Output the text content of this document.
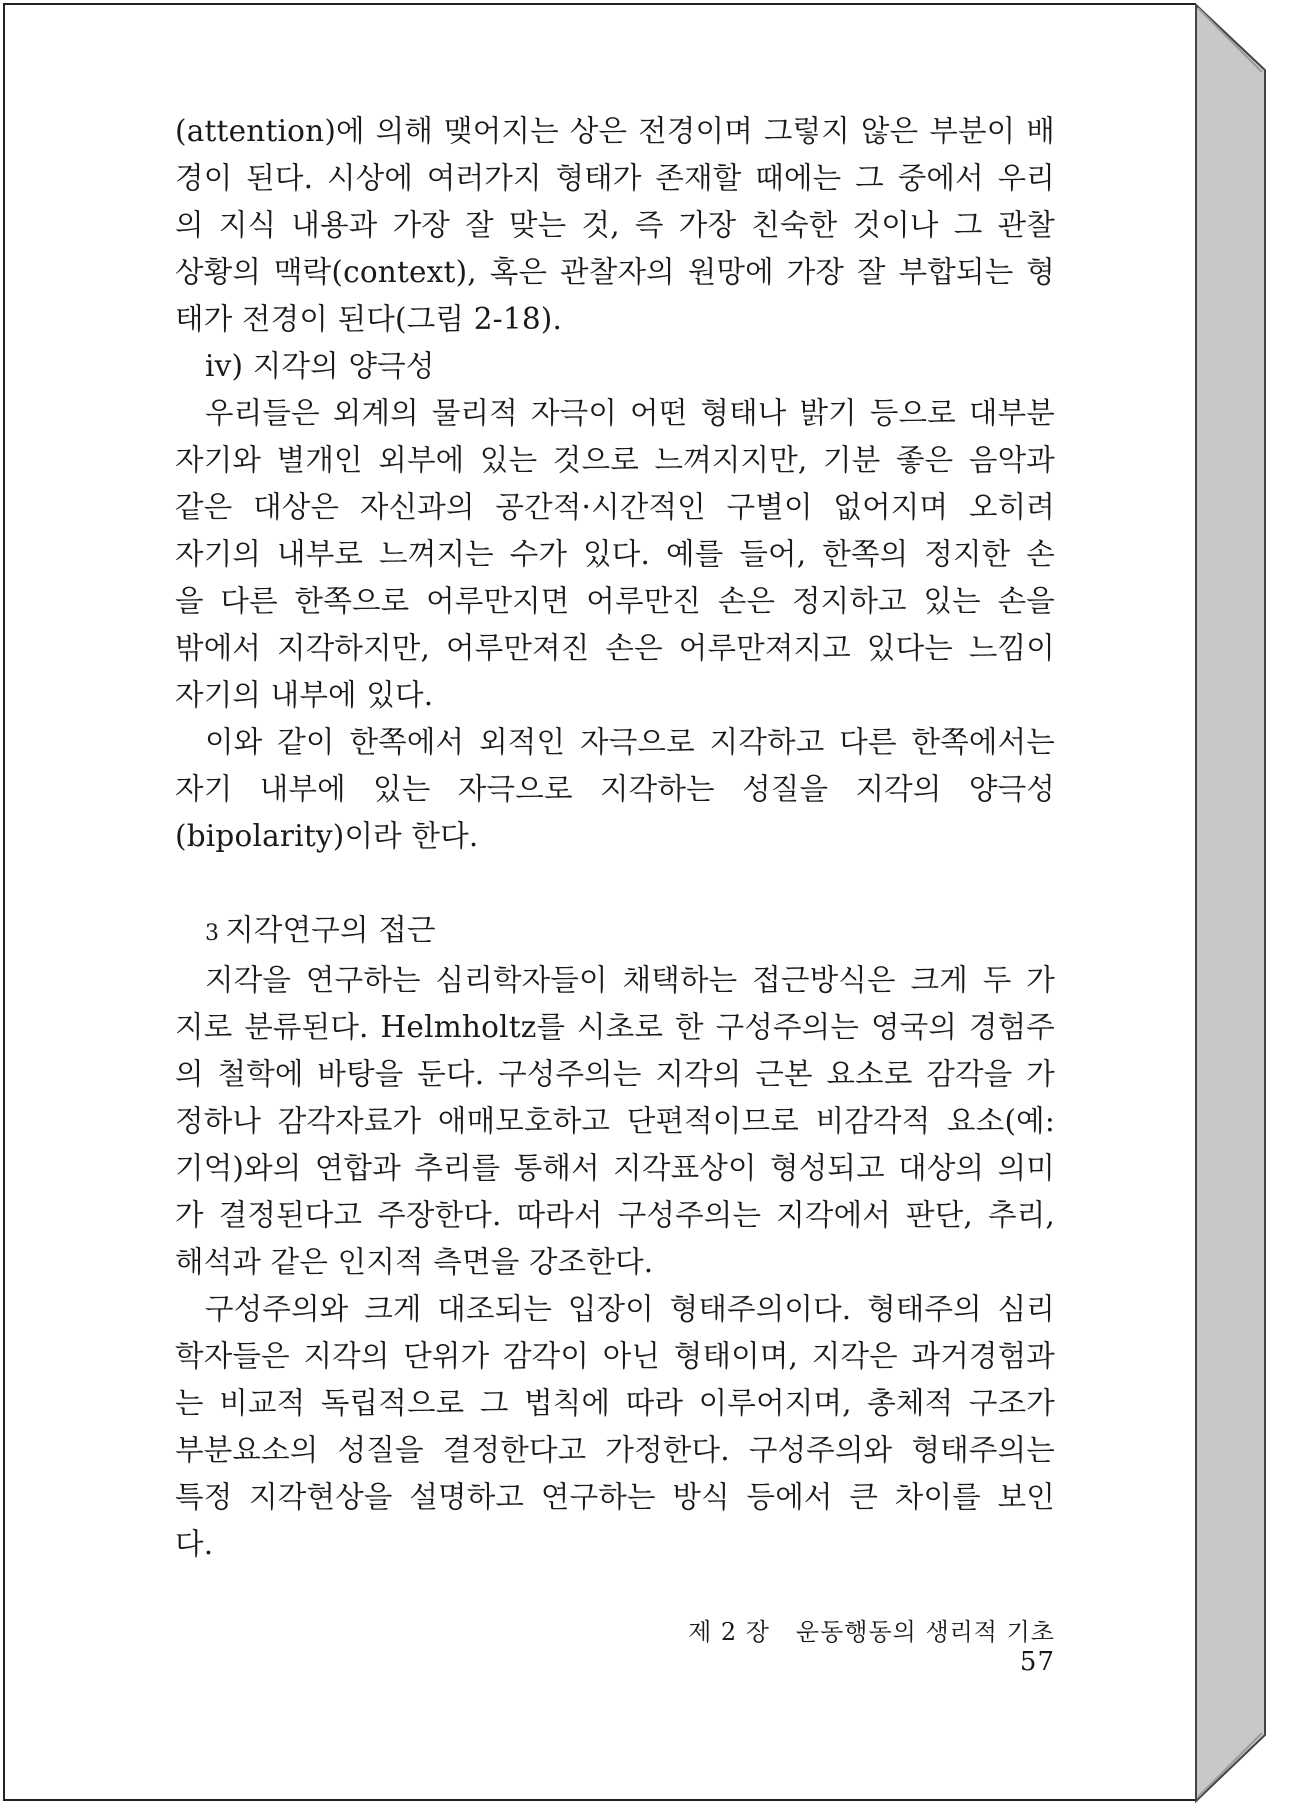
(attention)에 의해 맺어지는 상은 전경이며 그렇지 않은 부분이 배

경이 된다. 시상에 여러가지 형태가 존재할 때에는 그 중에서 우리

의 지식 내용과 가장 잘 맞는 것, 즉 가장 친숙한 것이나 그 관찰

상황의 맥락(context), 혹은 관찰자의 원망에 가장 잘 부합되는 형

태가 전경이 된다(그림 2-18).

iv) 지각의 양극성

우리들은 외계의 물리적 자극이 어떤 형태나 밝기 등으로 대부분

자기와 별개인 외부에 있는 것으로 느껴지지만, 기분 좋은 음악과

같은 대상은 자신과의 공간적·시간적인 구별이 없어지며 오히려

자기의 내부로 느껴지는 수가 있다. 예를 들어, 한쪽의 정지한 손

을 다른 한쪽으로 어루만지면 어루만진 손은 정지하고 있는 손을

밖에서 지각하지만, 어루만져진 손은 어루만져지고 있다는 느낌이

자기의 내부에 있다.

이와 같이 한쪽에서 외적인 자극으로 지각하고 다른 한쪽에서는

자기 내부에 있는 자극으로 지각하는 성질을 지각의 양극성

(bipolarity)이라 한다.

3 지각연구의 접근

지각을 연구하는 심리학자들이 채택하는 접근방식은 크게 두 가

지로 분류된다. Helmholtz를 시초로 한 구성주의는 영국의 경험주

의 철학에 바탕을 둔다. 구성주의는 지각의 근본 요소로 감각을 가

정하나 감각자료가 애매모호하고 단편적이므로 비감각적 요소(예:

기억)와의 연합과 추리를 통해서 지각표상이 형성되고 대상의 의미

가 결정된다고 주장한다. 따라서 구성주의는 지각에서 판단, 추리,

해석과 같은 인지적 측면을 강조한다.

구성주의와 크게 대조되는 입장이 형태주의이다. 형태주의 심리

학자들은 지각의 단위가 감각이 아닌 형태이며, 지각은 과거경험과

는 비교적 독립적으로 그 법칙에 따라 이루어지며, 총체적 구조가

부분요소의 성질을 결정한다고 가정한다. 구성주의와 형태주의는

특정 지각현상을 설명하고 연구하는 방식 등에서 큰 차이를 보인

다.

제 2 장 운동행동의 생리적 기초 57
